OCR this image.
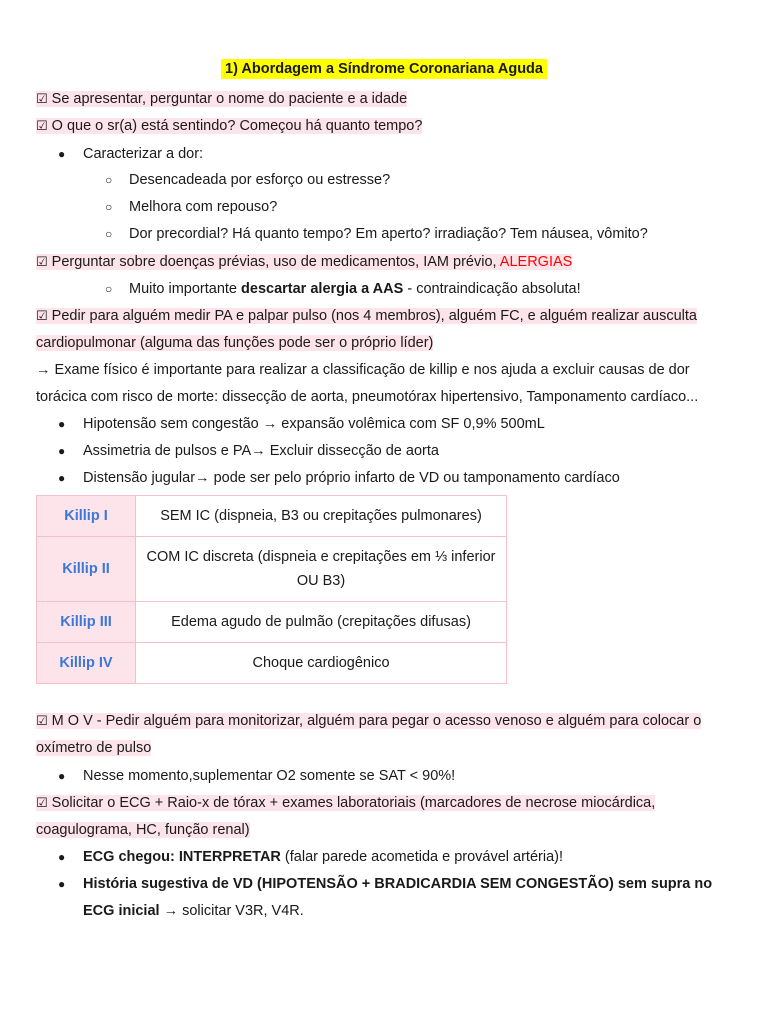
1) Abordagem a Síndrome Coronariana Aguda
☑ Se apresentar, perguntar o nome do paciente e a idade
☑ O que o sr(a) está sentindo? Começou há quanto tempo?
● Caracterizar a dor:
○ Desencadeada por esforço ou estresse?
○ Melhora com repouso?
○ Dor precordial? Há quanto tempo? Em aperto? irradiação? Tem náusea, vômito?
☑ Perguntar sobre doenças prévias, uso de medicamentos, IAM prévio, ALERGIAS
○ Muito importante descartar alergia a AAS - contraindicação absoluta!
☑ Pedir para alguém medir PA e palpar pulso (nos 4 membros), alguém FC, e alguém realizar ausculta cardiopulmonar (alguma das funções pode ser o próprio líder)
→ Exame físico é importante para realizar a classificação de killip e nos ajuda a excluir causas de dor
torácica com risco de morte: dissecção de aorta, pneumotórax hipertensivo, Tamponamento cardíaco...
● Hipotensão sem congestão → expansão volêmica com SF 0,9% 500mL
● Assimetria de pulsos e PA→ Excluir dissecção de aorta
● Distensão jugular→ pode ser pelo próprio infarto de VD ou tamponamento cardíaco
Killip I	SEM IC (dispneia, B3 ou crepitações pulmonares)
Killip II	COM IC discreta (dispneia e crepitações em ⅓ inferior OU B3)
Killip III	Edema agudo de pulmão (crepitações difusas)
Killip IV	Choque cardiogênico
☑ M O V - Pedir alguém para monitorizar, alguém para pegar o acesso venoso e alguém para colocar o oxímetro de pulso
● Nesse momento,suplementar O2 somente se SAT < 90%!
☑ Solicitar o ECG + Raio-x de tórax + exames laboratoriais (marcadores de necrose miocárdica, coagulograma, HC, função renal)
● ECG chegou: INTERPRETAR (falar parede acometida e provável artéria)!
● História sugestiva de VD (HIPOTENSÃO + BRADICARDIA SEM CONGESTÃO) sem supra no
ECG inicial → solicitar V3R, V4R.
